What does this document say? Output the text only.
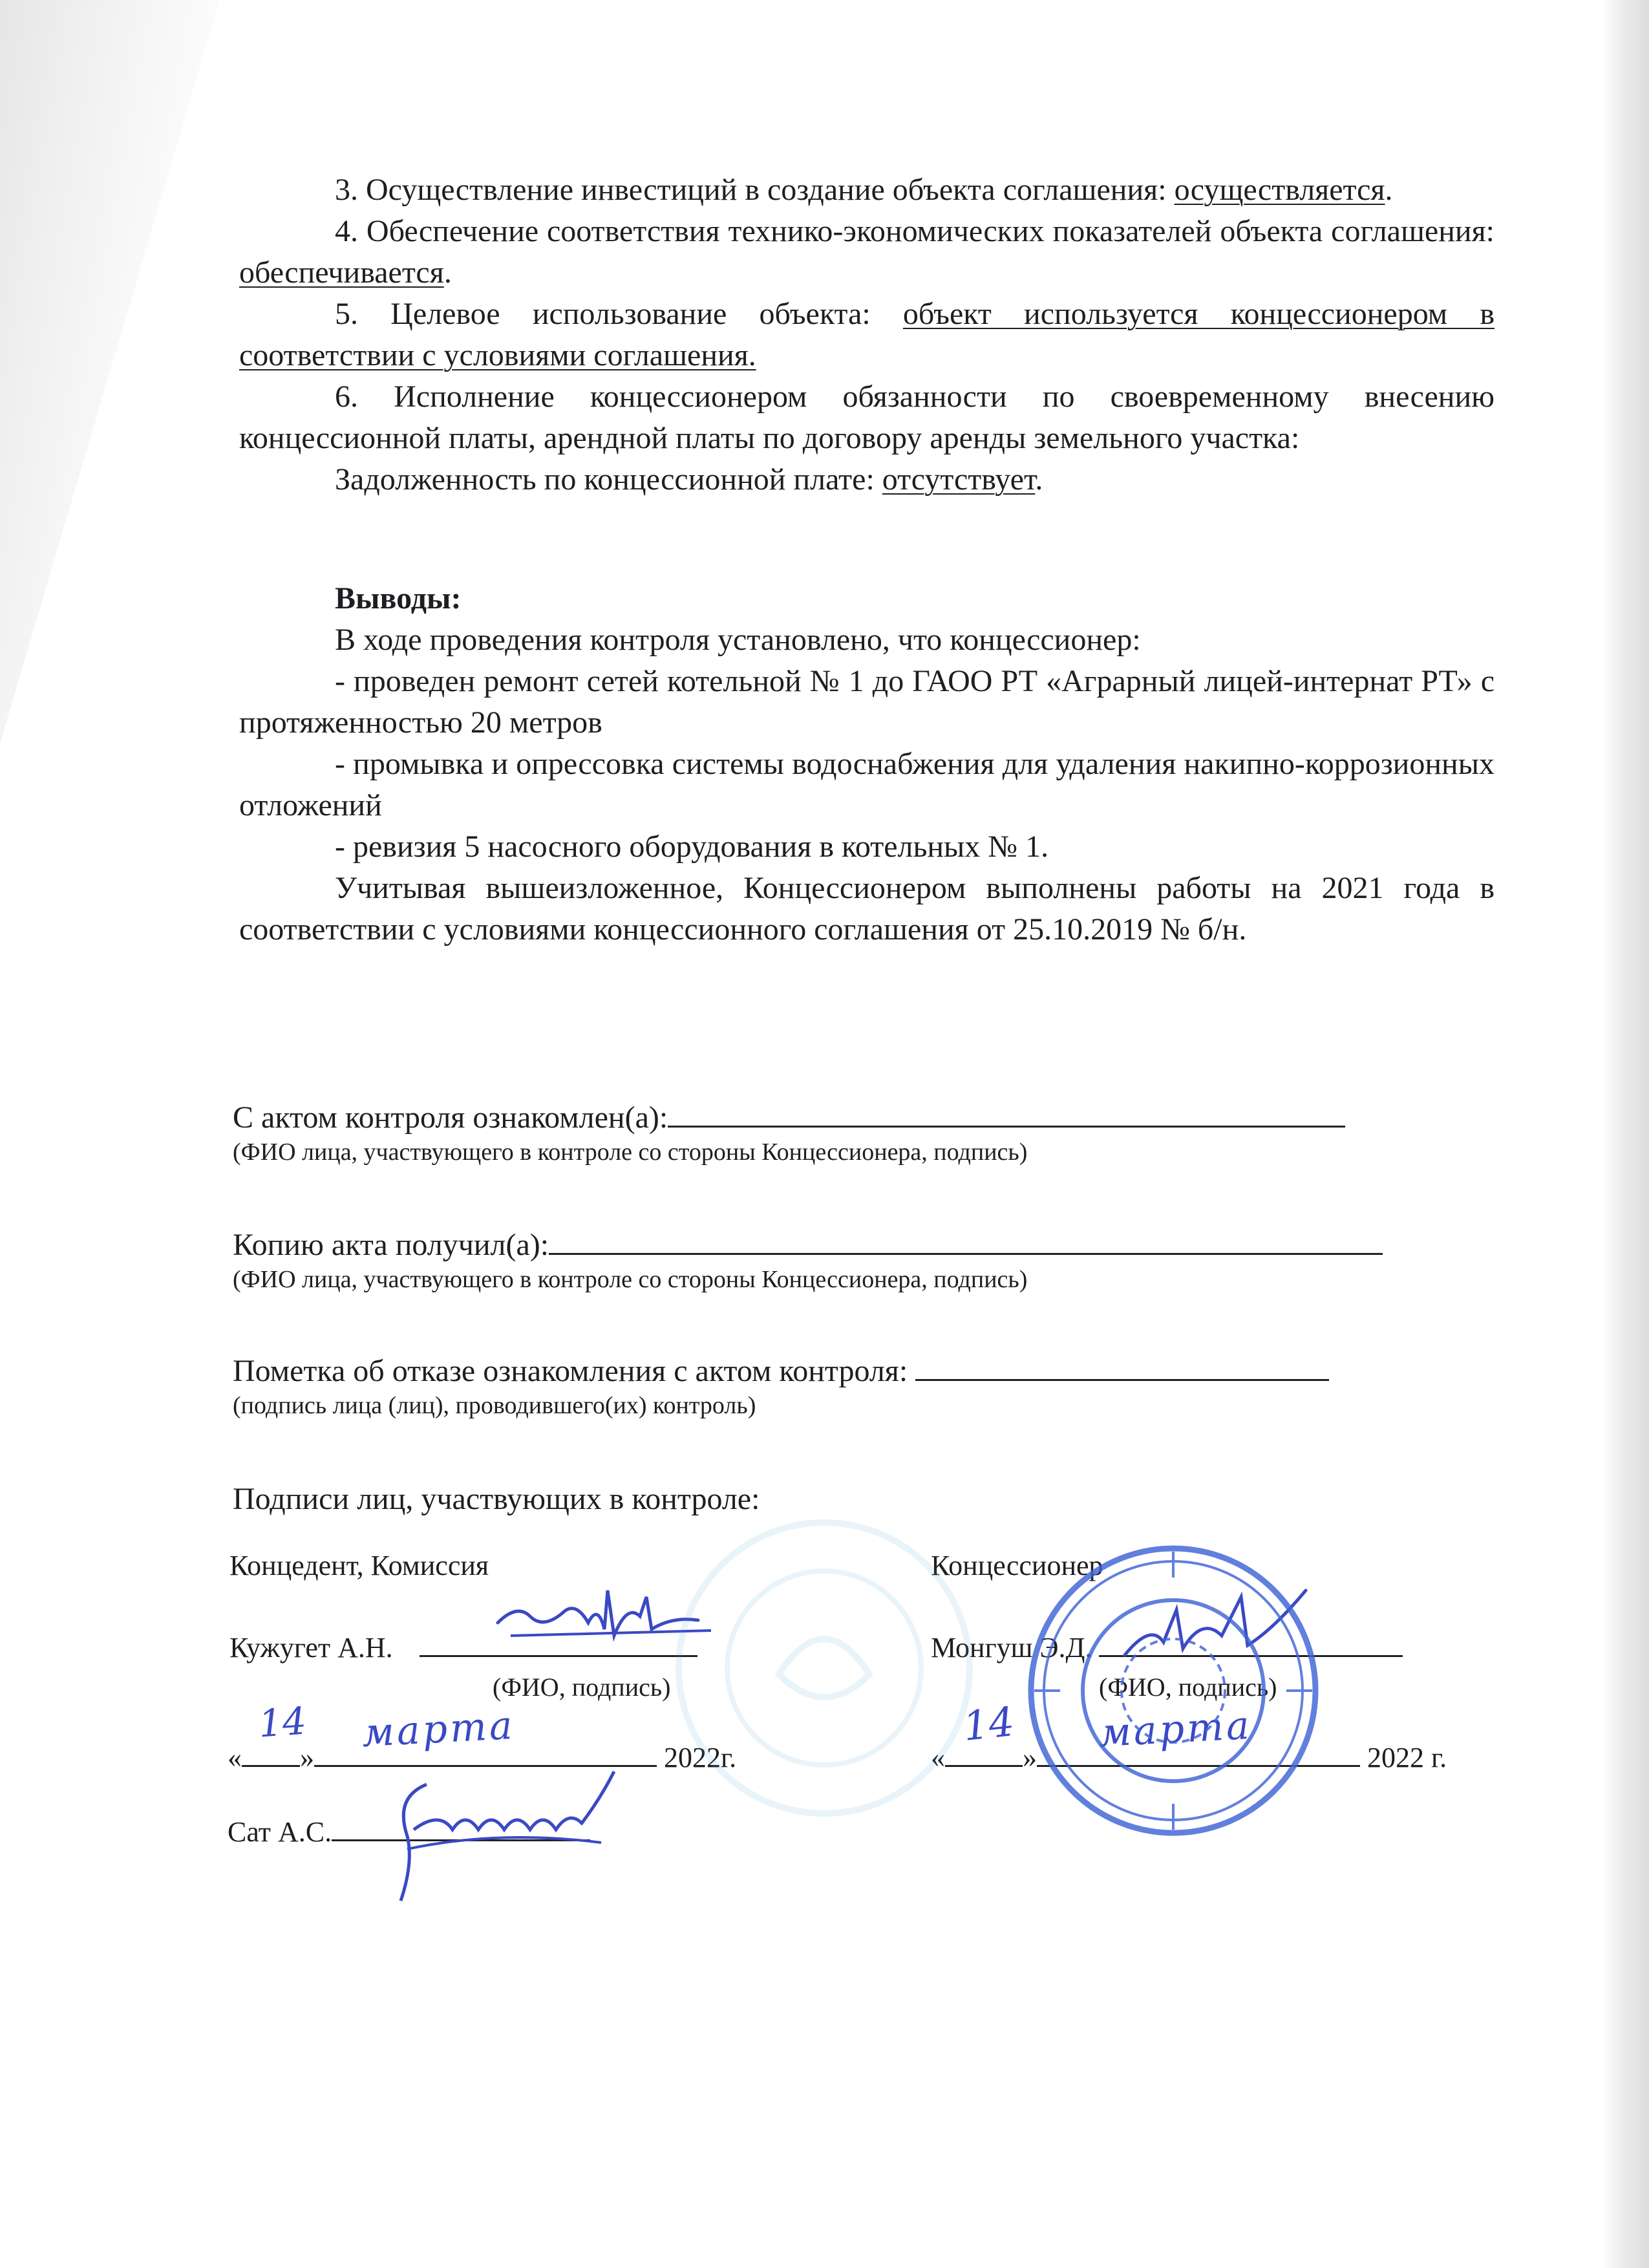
3. Осуществление инвестиций в создание объекта соглашения: осуществляется.

4. Обеспечение соответствия технико-экономических показателей объекта соглашения: обеспечивается.

5. Целевое использование объекта: объект используется концессионером в соответствии с условиями соглашения.

6. Исполнение концессионером обязанности по своевременному внесению концессионной платы, арендной платы по договору аренды земельного участка:

Задолженность по концессионной плате: отсутствует.

Выводы:

В ходе проведения контроля установлено, что концессионер:

- проведен ремонт сетей котельной № 1 до ГАОО РТ «Аграрный лицей-интернат РТ» с протяженностью 20 метров

- промывка и опрессовка системы водоснабжения для удаления накипно-коррозионных отложений

- ревизия 5 насосного оборудования в котельных № 1.

Учитывая вышеизложенное, Концессионером выполнены работы на 2021 года в соответствии с условиями концессионного соглашения от 25.10.2019 № б/н.

С актом контроля ознакомлен(а):
(ФИО лица, участвующего в контроле со стороны Концессионера, подпись)
Копию акта получил(а):
(ФИО лица, участвующего в контроле со стороны Концессионера, подпись)
Пометка об отказе ознакомления с актом контроля:
(подпись лица (лиц), проводившего(их) контроль)
Подписи лиц, участвующих в контроле:
Концедент, Комиссия
Кужугет А.Н.
(ФИО, подпись)
« »	2022г.
Сат А.С.
Концессионер
Монгуш Э.Д.
(ФИО, подпись)
«	»	2022 г.
14 марта	14 марта
